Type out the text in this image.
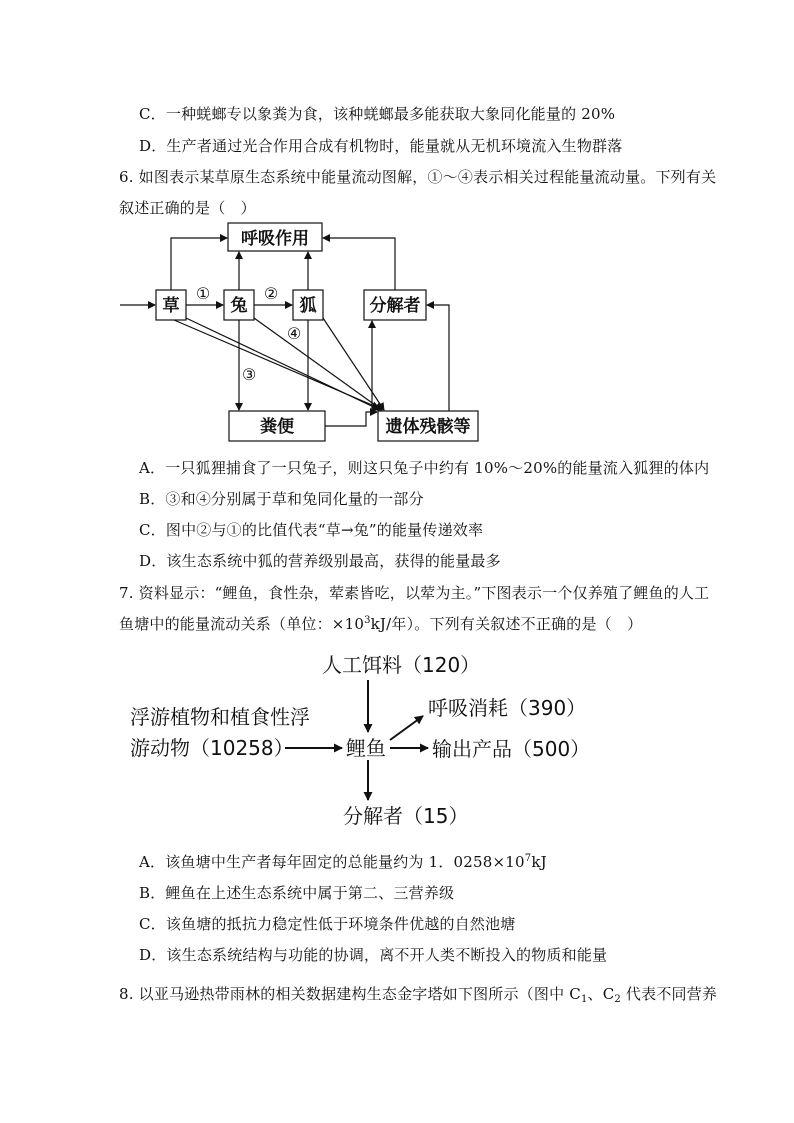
C．一种蜣螂专以象粪为食，该种蜣螂最多能获取大象同化能量的 20%
D．生产者通过光合作用合成有机物时，能量就从无机环境流入生物群落
6. 如图表示某草原生态系统中能量流动图解，①～④表示相关过程能量流动量。下列有关
叙述正确的是（　）
呼吸作用
草	兔	狐	分解者
粪便	遗体残骸等
①	②
③
④
A．一只狐狸捕食了一只兔子，则这只兔子中约有 10%～20%的能量流入狐狸的体内
B．③和④分别属于草和兔同化量的一部分
C．图中②与①的比值代表“草→兔”的能量传递效率
D．该生态系统中狐的营养级别最高，获得的能量最多
7. 资料显示：“鲤鱼，食性杂，荤素皆吃，以荤为主。”下图表示一个仅养殖了鲤鱼的人工
鱼塘中的能量流动关系（单位：$\times 10^3kJ/$年）。下列有关叙述不正确的是（　）
人工饵料（120）
浮游植物和植食性浮
游动物（10258）	鲤鱼
呼吸消耗（390）
输出产品（500）
分解者（15）
A．该鱼塘中生产者每年固定的总能量约为 1．$0258\times 10^7kJ$
B．鲤鱼在上述生态系统中属于第二、三营养级
C．该鱼塘的抵抗力稳定性低于环境条件优越的自然池塘
D．该生态系统结构与功能的协调，离不开人类不断投入的物质和能量
8. 以亚马逊热带雨林的相关数据建构生态金字塔如下图所示（图中 $C_1$、$C_2$ 代表不同营养
